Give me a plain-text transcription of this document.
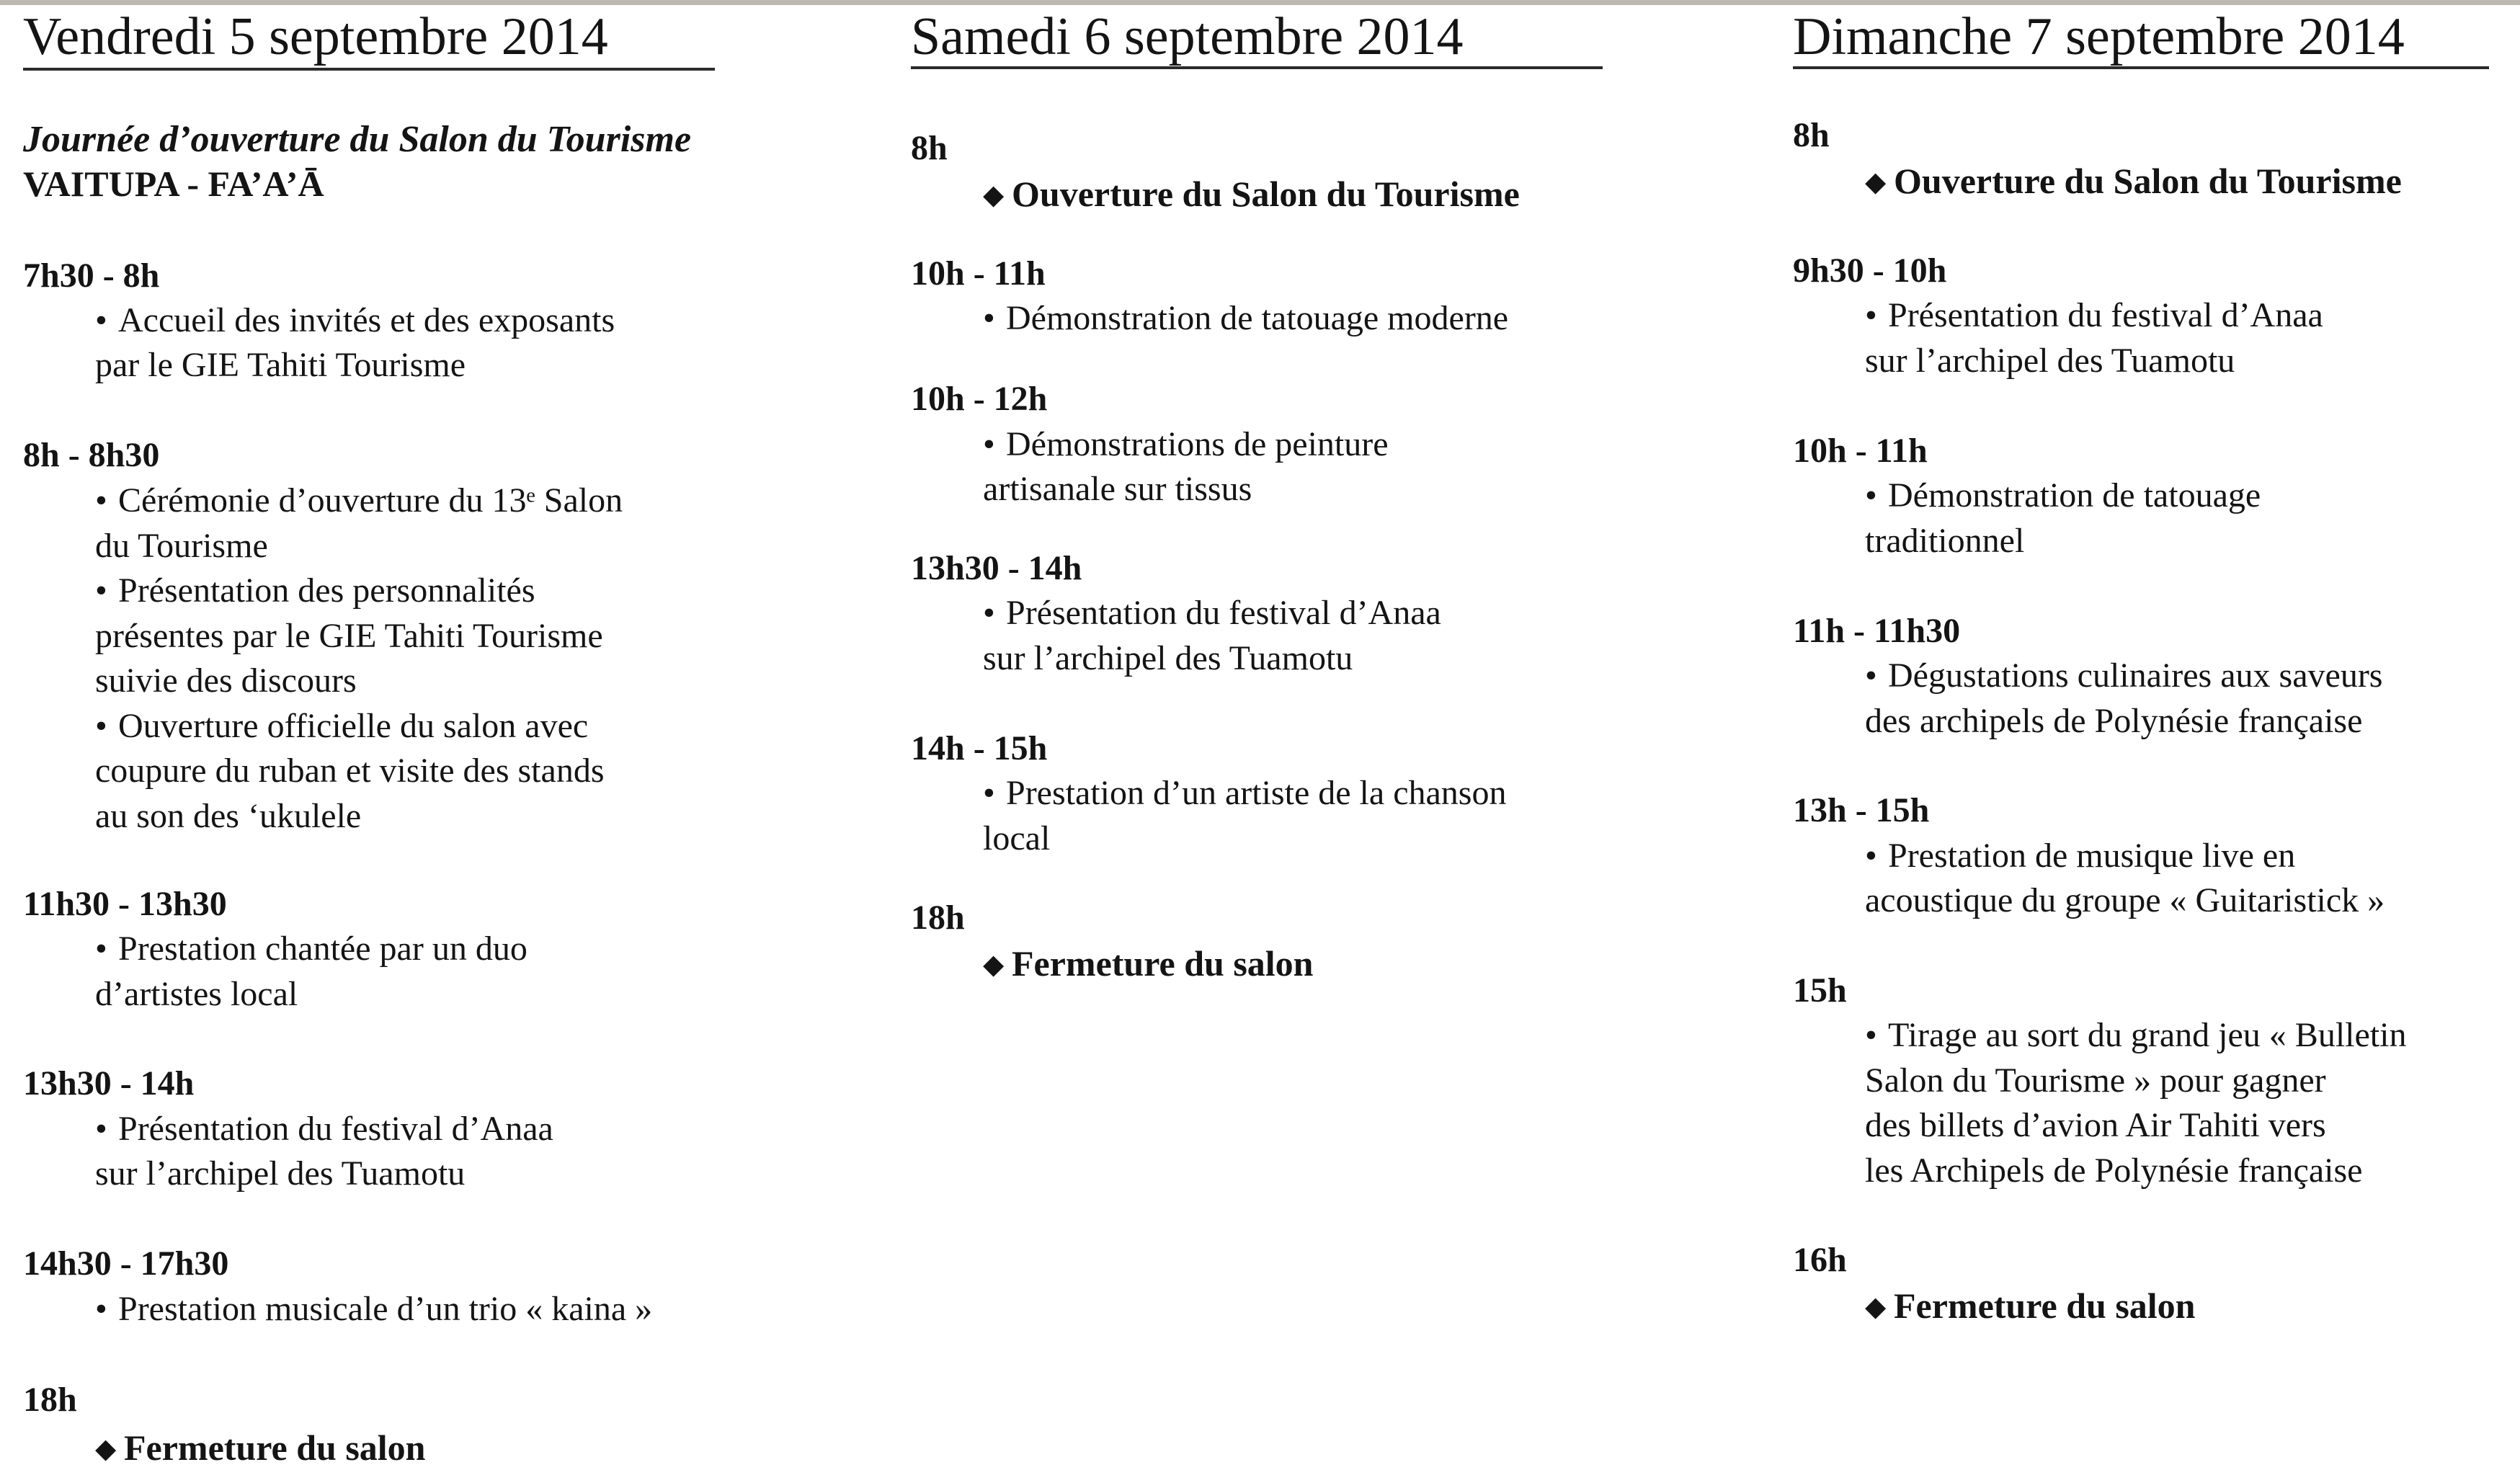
Vendredi 5 septembre 2014
Journée d’ouverture du Salon du Tourisme
VAITUPA - FA’A’Ā
7h30 - 8h
• Accueil des invités et des exposants
par le GIE Tahiti Tourisme
8h - 8h30
• Cérémonie d’ouverture du 13ᵉ Salon
du Tourisme
• Présentation des personnalités
présentes par le GIE Tahiti Tourisme
suivie des discours
• Ouverture officielle du salon avec
coupure du ruban et visite des stands
au son des ‘ukulele
11h30 - 13h30
• Prestation chantée par un duo
d’artistes local
13h30 - 14h
• Présentation du festival d’Anaa
sur l’archipel des Tuamotu
14h30 - 17h30
• Prestation musicale d’un trio « kaina »
18h
◆ Fermeture du salon
Samedi 6 septembre 2014
8h
◆ Ouverture du Salon du Tourisme
10h - 11h
• Démonstration de tatouage moderne
10h - 12h
• Démonstrations de peinture
artisanale sur tissus
13h30 - 14h
• Présentation du festival d’Anaa
sur l’archipel des Tuamotu
14h - 15h
• Prestation d’un artiste de la chanson
local
18h
◆ Fermeture du salon
Dimanche 7 septembre 2014
8h
◆ Ouverture du Salon du Tourisme
9h30 - 10h
• Présentation du festival d’Anaa
sur l’archipel des Tuamotu
10h - 11h
• Démonstration de tatouage
traditionnel
11h - 11h30
• Dégustations culinaires aux saveurs
des archipels de Polynésie française
13h - 15h
• Prestation de musique live en
acoustique du groupe « Guitaristick »
15h
• Tirage au sort du grand jeu « Bulletin
Salon du Tourisme » pour gagner
des billets d’avion Air Tahiti vers
les Archipels de Polynésie française
16h
◆ Fermeture du salon
